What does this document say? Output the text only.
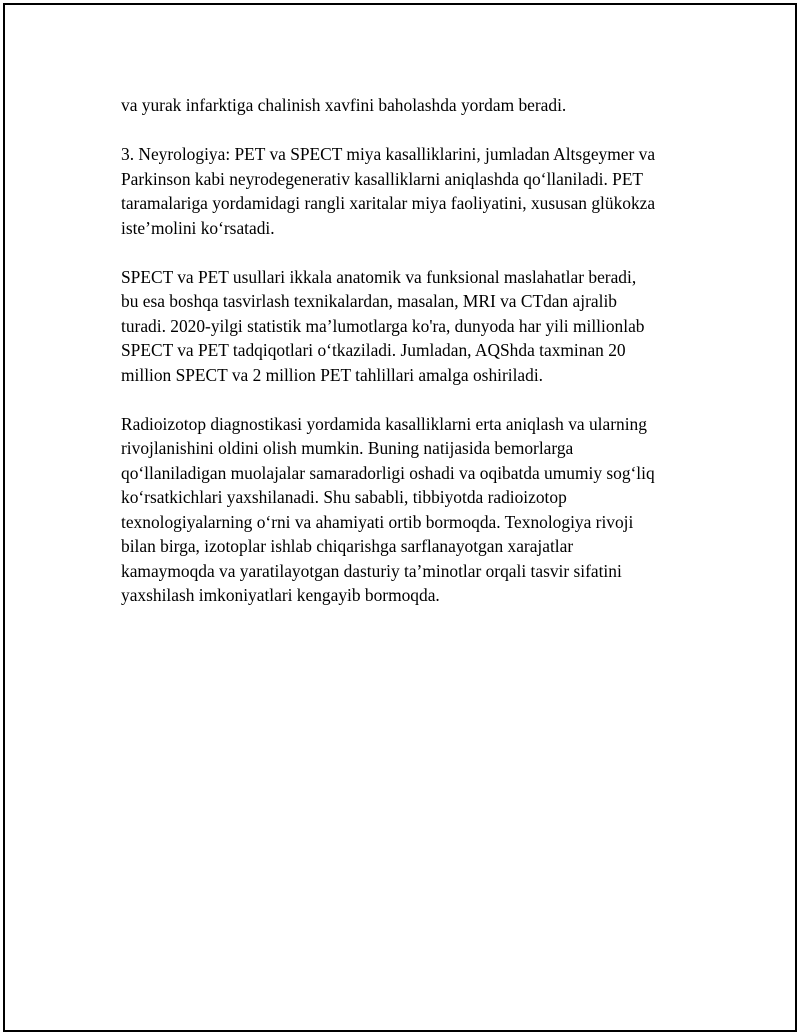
va yurak infarktiga chalinish xavfini baholashda yordam beradi.

3. Neyrologiya: PET va SPECT miya kasalliklarini, jumladan Altsgeymer va
Parkinson kabi neyrodegenerativ kasalliklarni aniqlashda qoʻllaniladi. PET
taramalariga yordamidagi rangli xaritalar miya faoliyatini, xususan glükokza
isteʼmolini koʻrsatadi.

SPECT va PET usullari ikkala anatomik va funksional maslahatlar beradi,
bu esa boshqa tasvirlash texnikalardan, masalan, MRI va CTdan ajralib
turadi. 2020-yilgi statistik maʼlumotlarga ko'ra, dunyoda har yili millionlab
SPECT va PET tadqiqotlari oʻtkaziladi. Jumladan, AQShda taxminan 20
million SPECT va 2 million PET tahlillari amalga oshiriladi.

Radioizotop diagnostikasi yordamida kasalliklarni erta aniqlash va ularning
rivojlanishini oldini olish mumkin. Buning natijasida bemorlarga
qoʻllaniladigan muolajalar samaradorligi oshadi va oqibatda umumiy sogʻliq
koʻrsatkichlari yaxshilanadi. Shu sababli, tibbiyotda radioizotop
texnologiyalarning oʻrni va ahamiyati ortib bormoqda. Texnologiya rivoji
bilan birga, izotoplar ishlab chiqarishga sarflanayotgan xarajatlar
kamaymoqda va yaratilayotgan dasturiy taʼminotlar orqali tasvir sifatini
yaxshilash imkoniyatlari kengayib bormoqda.
